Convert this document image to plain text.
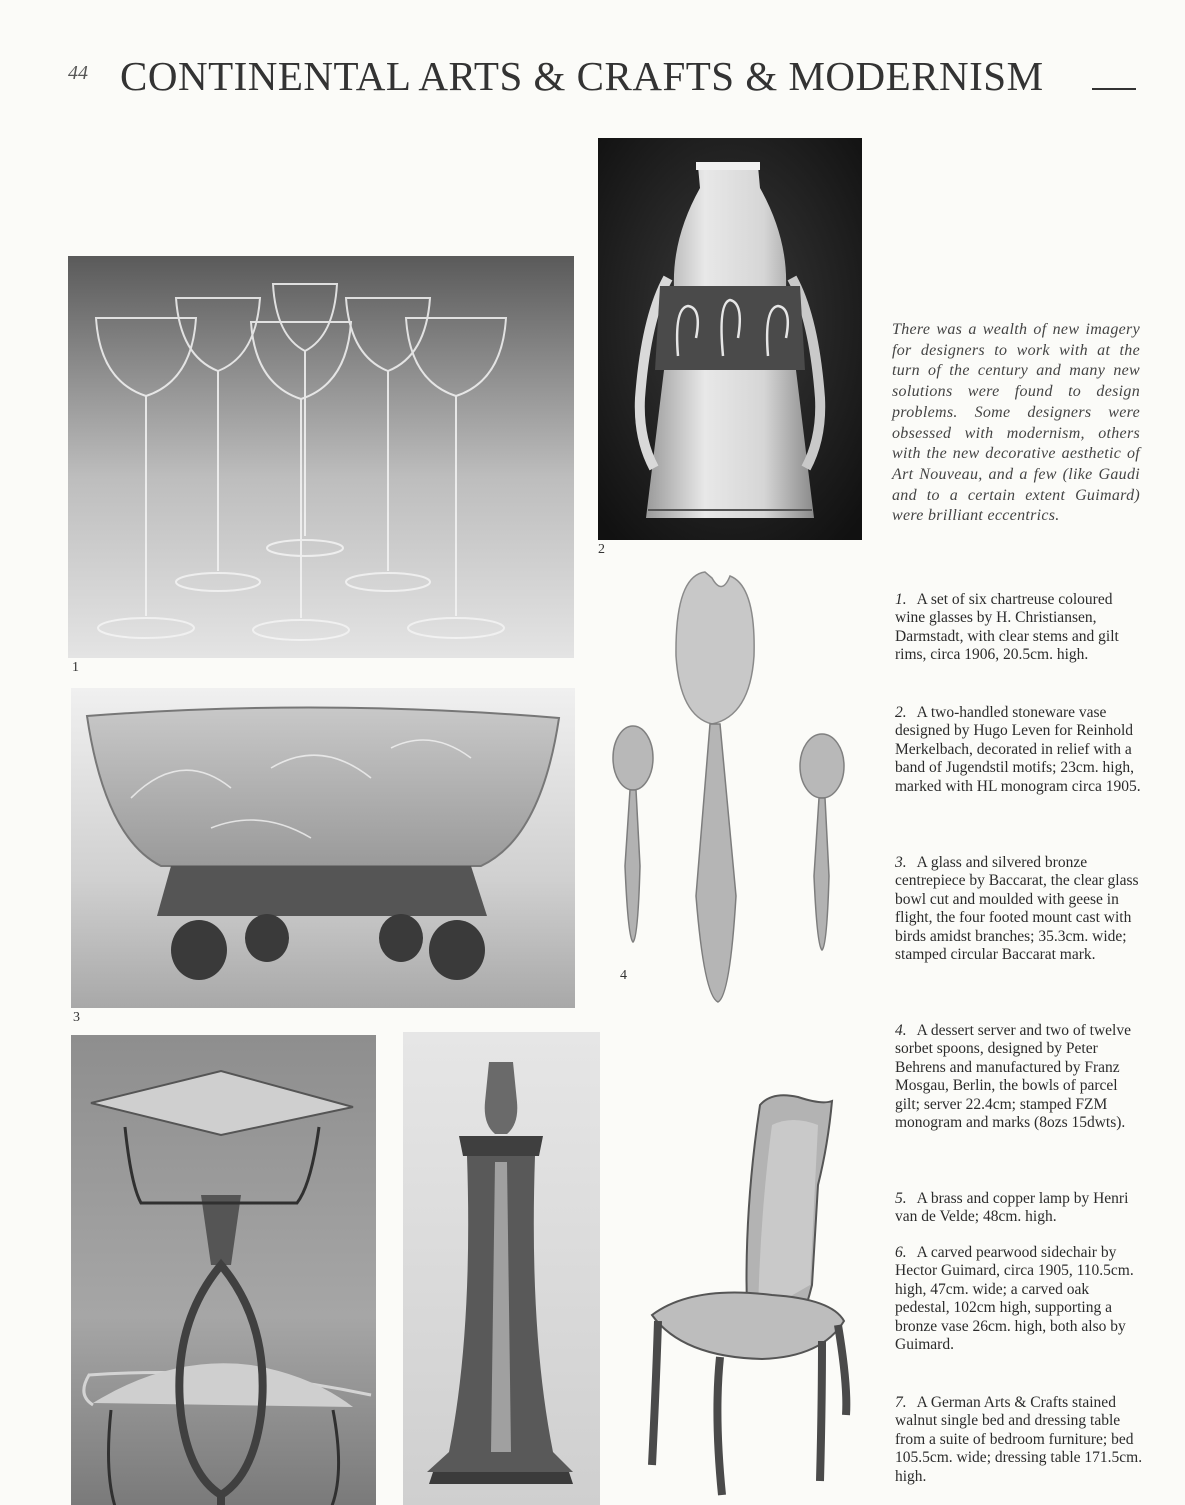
44 CONTINENTAL ARTS & CRAFTS & MODERNISM
1
2
3
4
There was a wealth of new imagery for designers to work with at the turn of the century and many new solutions were found to design problems. Some designers were obsessed with modernism, others with the new decorative aesthetic of Art Nouveau, and a few (like Gaudi and to a certain extent Guimard) were brilliant eccentrics.
1. A set of six chartreuse coloured wine glasses by H. Christiansen, Darmstadt, with clear stems and gilt rims, circa 1906, 20.5cm. high.
2. A two-handled stoneware vase designed by Hugo Leven for Reinhold Merkelbach, decorated in relief with a band of Jugendstil motifs; 23cm. high, marked with HL monogram circa 1905.
3. A glass and silvered bronze centrepiece by Baccarat, the clear glass bowl cut and moulded with geese in flight, the four footed mount cast with birds amidst branches; 35.3cm. wide; stamped circular Baccarat mark.
4. A dessert server and two of twelve sorbet spoons, designed by Peter Behrens and manufactured by Franz Mosgau, Berlin, the bowls of parcel gilt; server 22.4cm; stamped FZM monogram and marks (8ozs 15dwts).
5. A brass and copper lamp by Henri van de Velde; 48cm. high.
6. A carved pearwood sidechair by Hector Guimard, circa 1905, 110.5cm. high, 47cm. wide; a carved oak pedestal, 102cm high, supporting a bronze vase 26cm. high, both also by Guimard.
7. A German Arts & Crafts stained walnut single bed and dressing table from a suite of bedroom furniture; bed 105.5cm. wide; dressing table 171.5cm. high.
